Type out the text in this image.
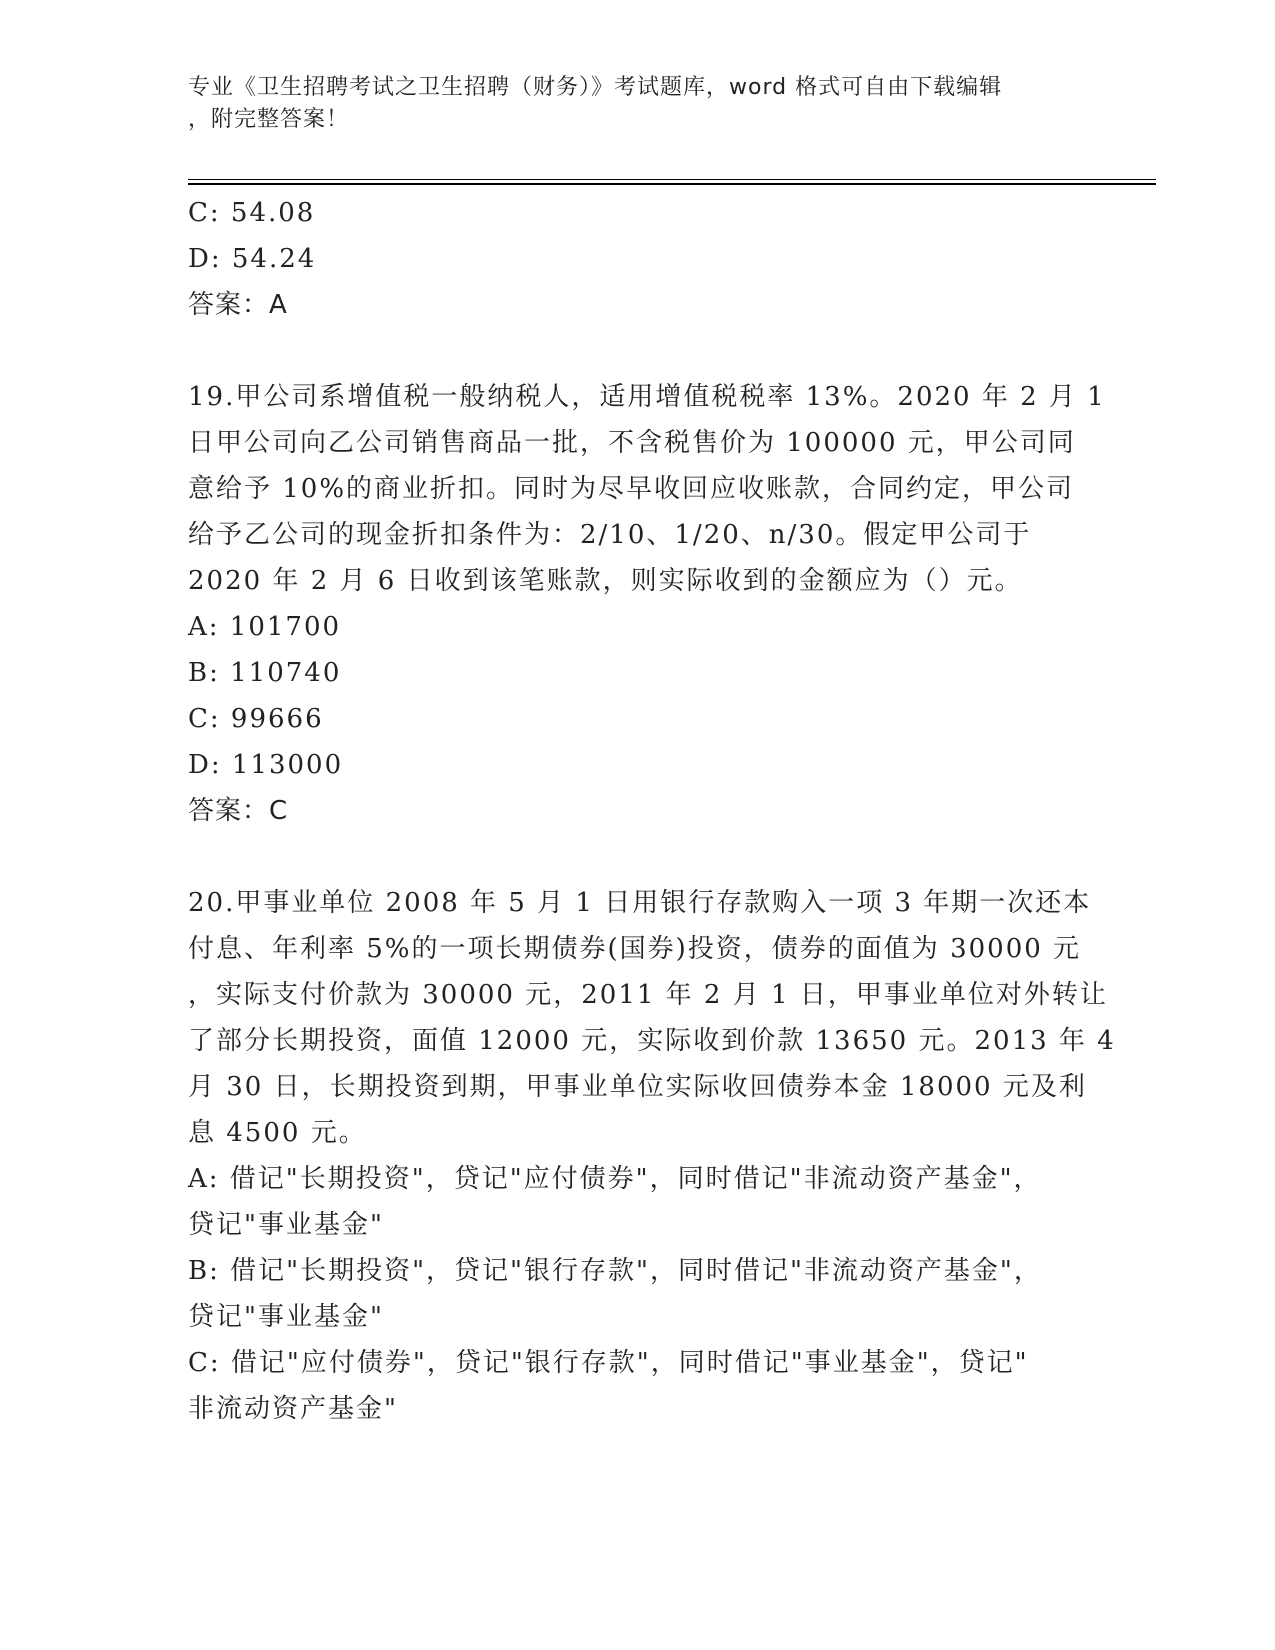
专业《卫生招聘考试之卫生招聘（财务）》考试题库，word 格式可自由下载编辑
，附完整答案！
C: 54.08
D: 54.24
答案：A
19.甲公司系增值税一般纳税人，适用增值税税率 13%。2020 年 2 月 1
日甲公司向乙公司销售商品一批，不含税售价为 100000 元，甲公司同
意给予 10%的商业折扣。同时为尽早收回应收账款，合同约定，甲公司
给予乙公司的现金折扣条件为：2/10、1/20、n/30。假定甲公司于
2020 年 2 月 6 日收到该笔账款，则实际收到的金额应为（）元。
A: 101700
B: 110740
C: 99666
D: 113000
答案：C
20.甲事业单位 2008 年 5 月 1 日用银行存款购入一项 3 年期一次还本
付息、年利率 5%的一项长期债券(国券)投资，债券的面值为 30000 元
，实际支付价款为 30000 元，2011 年 2 月 1 日，甲事业单位对外转让
了部分长期投资，面值 12000 元，实际收到价款 13650 元。2013 年 4
月 30 日，长期投资到期，甲事业单位实际收回债券本金 18000 元及利
息 4500 元。
A: 借记"长期投资"，贷记"应付债券"，同时借记"非流动资产基金"，
贷记"事业基金"
B: 借记"长期投资"，贷记"银行存款"，同时借记"非流动资产基金"，
贷记"事业基金"
C: 借记"应付债券"，贷记"银行存款"，同时借记"事业基金"，贷记"
非流动资产基金"
